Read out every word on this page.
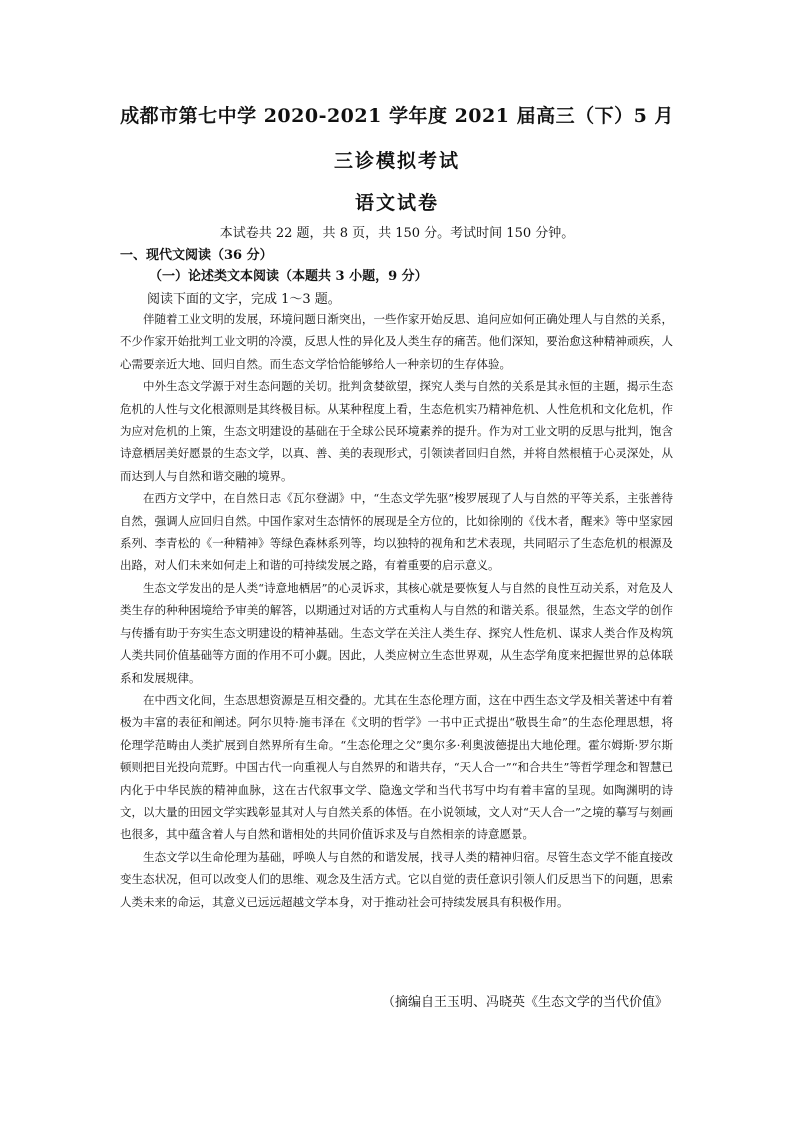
成都市第七中学 2020-2021 学年度 2021 届高三（下）5 月
三诊模拟考试
语文试卷
本试卷共 22 题，共 8 页，共 150 分。考试时间 150 分钟。
一、现代文阅读（36 分）
（一）论述类文本阅读（本题共 3 小题，9 分）
阅读下面的文字，完成 1～3 题。

伴随着工业文明的发展，环境问题日渐突出，一些作家开始反思、追问应如何正确处理人与自然的关系，不少作家开始批判工业文明的冷漠，反思人性的异化及人类生存的痛苦。他们深知，要治愈这种精神顽疾，人心需要亲近大地、回归自然。而生态文学恰恰能够给人一种亲切的生存体验。

中外生态文学源于对生态问题的关切。批判贪婪欲望，探究人类与自然的关系是其永恒的主题，揭示生态危机的人性与文化根源则是其终极目标。从某种程度上看，生态危机实乃精神危机、人性危机和文化危机，作为应对危机的上策，生态文明建设的基础在于全球公民环境素养的提升。作为对工业文明的反思与批判，饱含诗意栖居美好愿景的生态文学，以真、善、美的表现形式，引领读者回归自然，并将自然根植于心灵深处，从而达到人与自然和谐交融的境界。

在西方文学中，在自然日志《瓦尔登湖》中，“生态文学先驱”梭罗展现了人与自然的平等关系，主张善待自然，强调人应回归自然。中国作家对生态情怀的展现是全方位的，比如徐刚的《伐木者，醒来》等中坚家园系列、李青松的《一种精神》等绿色森林系列等，均以独特的视角和艺术表现，共同昭示了生态危机的根源及出路，对人们未来如何走上和谐的可持续发展之路，有着重要的启示意义。

生态文学发出的是人类“诗意地栖居”的心灵诉求，其核心就是要恢复人与自然的良性互动关系，对危及人类生存的种种困境给予审美的解答，以期通过对话的方式重构人与自然的和谐关系。很显然，生态文学的创作与传播有助于夯实生态文明建设的精神基础。生态文学在关注人类生存、探究人性危机、谋求人类合作及构筑人类共同价值基础等方面的作用不可小觑。因此，人类应树立生态世界观，从生态学角度来把握世界的总体联系和发展规律。

在中西文化间，生态思想资源是互相交叠的。尤其在生态伦理方面，这在中西生态文学及相关著述中有着极为丰富的表征和阐述。阿尔贝特·施韦泽在《文明的哲学》一书中正式提出“敬畏生命”的生态伦理思想，将伦理学范畴由人类扩展到自然界所有生命。“生态伦理之父”奥尔多·利奥波德提出大地伦理。霍尔姆斯·罗尔斯顿则把目光投向荒野。中国古代一向重视人与自然界的和谐共存，“天人合一”“和合共生”等哲学理念和智慧已内化于中华民族的精神血脉，这在古代叙事文学、隐逸文学和当代书写中均有着丰富的呈现。如陶渊明的诗文，以大量的田园文学实践彰显其对人与自然关系的体悟。在小说领域，文人对“天人合一”之境的摹写与刻画也很多，其中蕴含着人与自然和谐相处的共同价值诉求及与自然相亲的诗意愿景。

生态文学以生命伦理为基础，呼唤人与自然的和谐发展，找寻人类的精神归宿。尽管生态文学不能直接改变生态状况，但可以改变人们的思维、观念及生活方式。它以自觉的责任意识引领人们反思当下的问题，思索人类未来的命运，其意义已远远超越文学本身，对于推动社会可持续发展具有积极作用。

（摘编自王玉明、冯晓英《生态文学的当代价值》
